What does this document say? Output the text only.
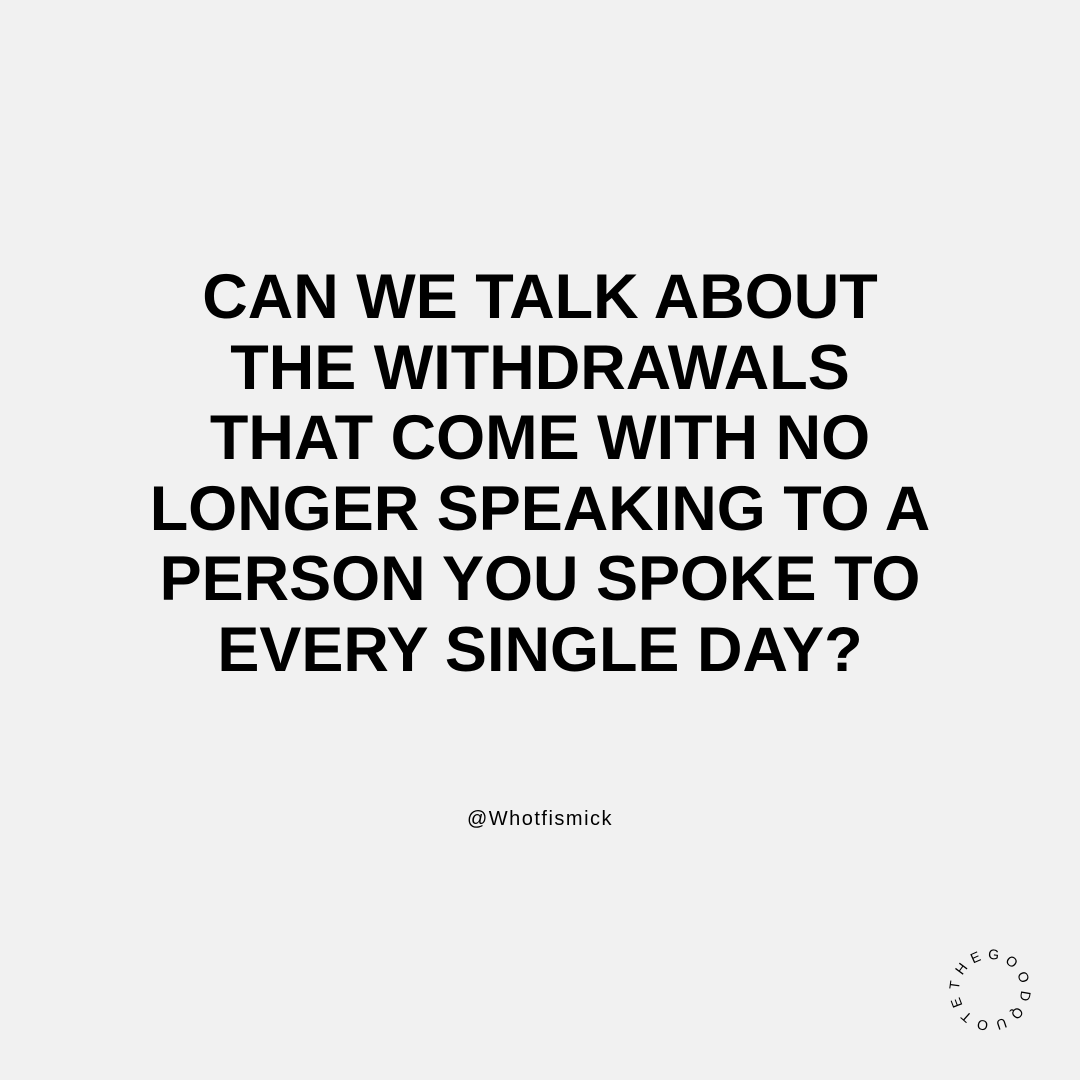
CAN WE TALK ABOUT
THE WITHDRAWALS
THAT COME WITH NO
LONGER SPEAKING TO A
PERSON YOU SPOKE TO
EVERY SINGLE DAY?
@Whotfismick
THEGOODQUOTE
